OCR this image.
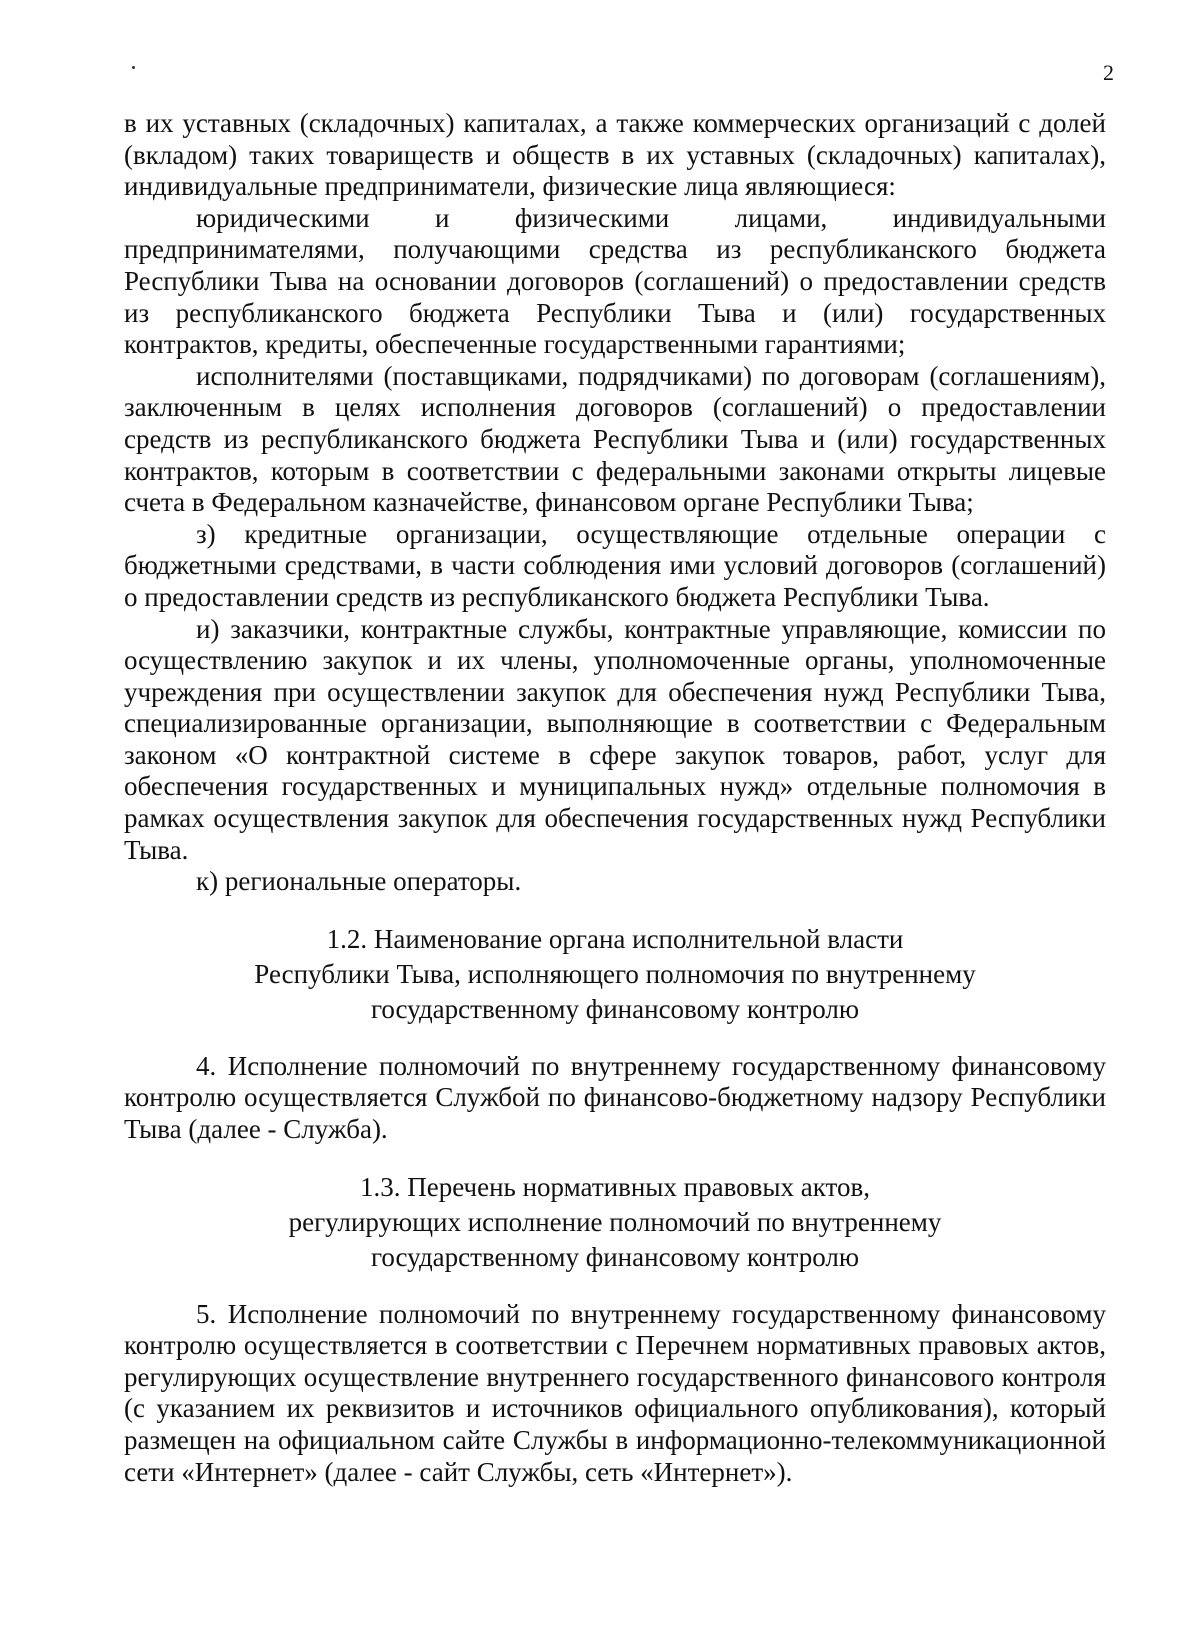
2

в их уставных (складочных) капиталах, а также коммерческих организаций с долей (вкладом) таких товариществ и обществ в их уставных (складочных) капиталах), индивидуальные предприниматели, физические лица являющиеся:

юридическими и физическими лицами, индивидуальными предпринимателями, получающими средства из республиканского бюджета Республики Тыва на основании договоров (соглашений) о предоставлении средств из республиканского бюджета Республики Тыва и (или) государственных контрактов, кредиты, обеспеченные государственными гарантиями;

исполнителями (поставщиками, подрядчиками) по договорам (соглашениям), заключенным в целях исполнения договоров (соглашений) о предоставлении средств из республиканского бюджета Республики Тыва и (или) государственных контрактов, которым в соответствии с федеральными законами открыты лицевые счета в Федеральном казначействе, финансовом органе Республики Тыва;

з) кредитные организации, осуществляющие отдельные операции с бюджетными средствами, в части соблюдения ими условий договоров (соглашений) о предоставлении средств из республиканского бюджета Республики Тыва.

и) заказчики, контрактные службы, контрактные управляющие, комиссии по осуществлению закупок и их члены, уполномоченные органы, уполномоченные учреждения при осуществлении закупок для обеспечения нужд Республики Тыва, специализированные организации, выполняющие в соответствии с Федеральным законом «О контрактной системе в сфере закупок товаров, работ, услуг для обеспечения государственных и муниципальных нужд» отдельные полномочия в рамках осуществления закупок для обеспечения государственных нужд Республики Тыва.

к) региональные операторы.

1.2. Наименование органа исполнительной власти
Республики Тыва, исполняющего полномочия по внутреннему
государственному финансовому контролю

4. Исполнение полномочий по внутреннему государственному финансовому контролю осуществляется Службой по финансово-бюджетному надзору Республики Тыва (далее - Служба).

1.3. Перечень нормативных правовых актов,
регулирующих исполнение полномочий по внутреннему
государственному финансовому контролю

5. Исполнение полномочий по внутреннему государственному финансовому контролю осуществляется в соответствии с Перечнем нормативных правовых актов, регулирующих осуществление внутреннего государственного финансового контроля (с указанием их реквизитов и источников официального опубликования), который размещен на официальном сайте Службы в информационно-телекоммуникационной сети «Интернет» (далее - сайт Службы, сеть «Интернет»).
